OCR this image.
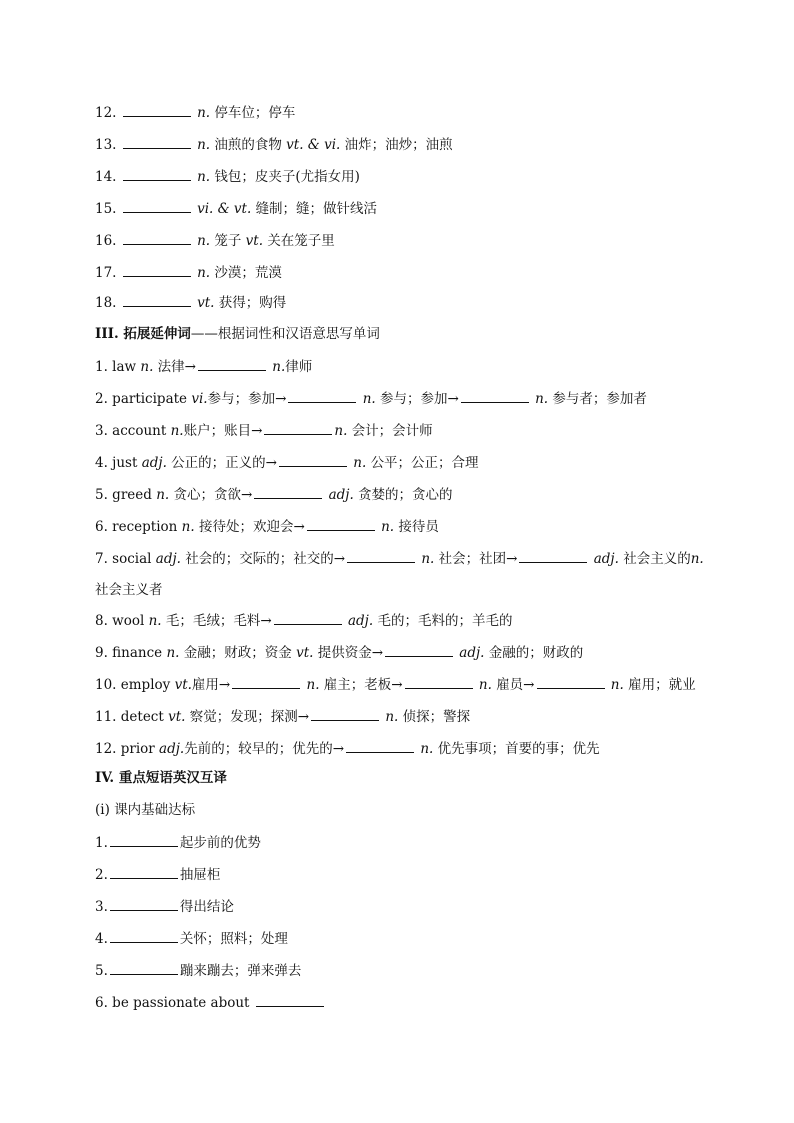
12.	n. 停车位；停车
13.	n. 油煎的食物 vt. & vi. 油炸；油炒；油煎
14.	n. 钱包；皮夹子(尤指女用)
15.	vi. & vt. 缝制；缝；做针线活
16.	n. 笼子 vt. 关在笼子里
17.	n. 沙漠；荒漠
18.	vt. 获得；购得
III. 拓展延伸词——根据词性和汉语意思写单词
1. law n. 法律→	n.律师
2. participate vi.参与；参加→	n. 参与；参加→	n. 参与者；参加者
3. account n.账户；账目→	n. 会计；会计师
4. just adj. 公正的；正义的→	n. 公平；公正；合理
5. greed n. 贪心；贪欲→	adj. 贪婪的；贪心的
6. reception n. 接待处；欢迎会→	n. 接待员
7. social adj. 社会的；交际的；社交的→	n. 社会；社团→	adj. 社会主义的n.
社会主义者
8. wool n. 毛；毛绒；毛料→	adj. 毛的；毛料的；羊毛的
9. finance n. 金融；财政；资金 vt. 提供资金→	adj. 金融的；财政的
10. employ vt.雇用→	n. 雇主；老板→	n. 雇员→	n. 雇用；就业
11. detect vt. 察觉；发现；探测→	n. 侦探；警探
12. prior adj.先前的；较早的；优先的→	n. 优先事项；首要的事；优先
IV. 重点短语英汉互译
(i) 课内基础达标
1.	起步前的优势
2.	抽屉柜
3.	得出结论
4.	关怀；照料；处理
5.	蹦来蹦去；弹来弹去
6. be passionate about
